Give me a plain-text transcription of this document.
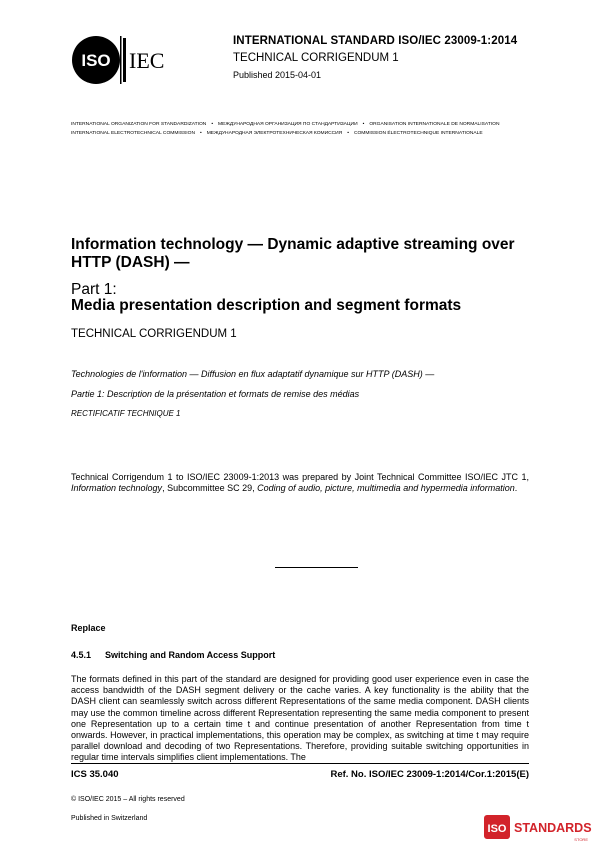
ISO IEC
INTERNATIONAL STANDARD ISO/IEC 23009-1:2014
TECHNICAL CORRIGENDUM 1
Published 2015-04-01
INTERNATIONAL ORGANIZATION FOR STANDARDIZATION • МЕЖДУНАРОДНАЯ ОРГАНИЗАЦИЯ ПО СТАНДАРТИЗАЦИИ • ORGANISATION INTERNATIONALE DE NORMALISATION
INTERNATIONAL ELECTROTECHNICAL COMMISSION • МЕЖДУНАРОДНАЯ ЭЛЕКТРОТЕХНИЧЕСКАЯ КОМИССИЯ • COMMISSION ÉLECTROTECHNIQUE INTERNATIONALE
Information technology — Dynamic adaptive streaming over HTTP (DASH) —
Part 1:
Media presentation description and segment formats
TECHNICAL CORRIGENDUM 1
Technologies de l'information — Diffusion en flux adaptatif dynamique sur HTTP (DASH) —
Partie 1: Description de la présentation et formats de remise des médias
RECTIFICATIF TECHNIQUE 1
Technical Corrigendum 1 to ISO/IEC 23009-1:2013 was prepared by Joint Technical Committee ISO/IEC JTC 1, Information technology, Subcommittee SC 29, Coding of audio, picture, multimedia and hypermedia information.
Replace
4.5.1 Switching and Random Access Support
The formats defined in this part of the standard are designed for providing good user experience even in case the access bandwidth of the DASH segment delivery or the cache varies. A key functionality is the ability that the DASH client can seamlessly switch across different Representations of the same media component. DASH clients may use the common timeline across different Representation representing the same media component to present one Representation up to a certain time t and continue presentation of another Representation from time t onwards. However, in practical implementations, this operation may be complex, as switching at time t may require parallel download and decoding of two Representations. Therefore, providing suitable switching opportunities in regular time intervals simplifies client implementations. The
ICS 35.040	Ref. No. ISO/IEC 23009-1:2014/Cor.1:2015(E)
© ISO/IEC 2015 – All rights reserved
Published in Switzerland
ISO STANDARDS
STORE
